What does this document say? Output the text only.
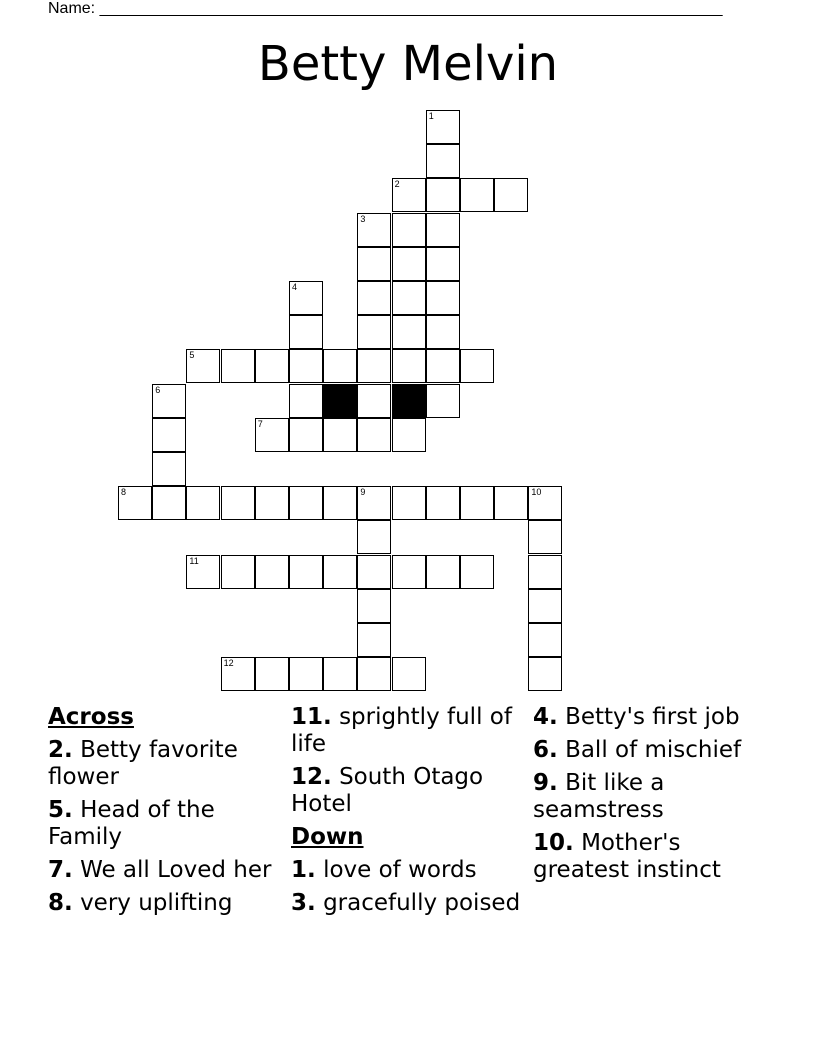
Name: ______________________________________________________________________
Betty Melvin
1
2
3
4
5
6
7
8	9	10
11
12
Across
2. Betty favorite flower
5. Head of the Family
7. We all Loved her
8. very uplifting
11. sprightly full of life
12. South Otago Hotel
Down
1. love of words
3. gracefully poised
4. Betty's first job
6. Ball of mischief
9. Bit like a seamstress
10. Mother's greatest instinct
